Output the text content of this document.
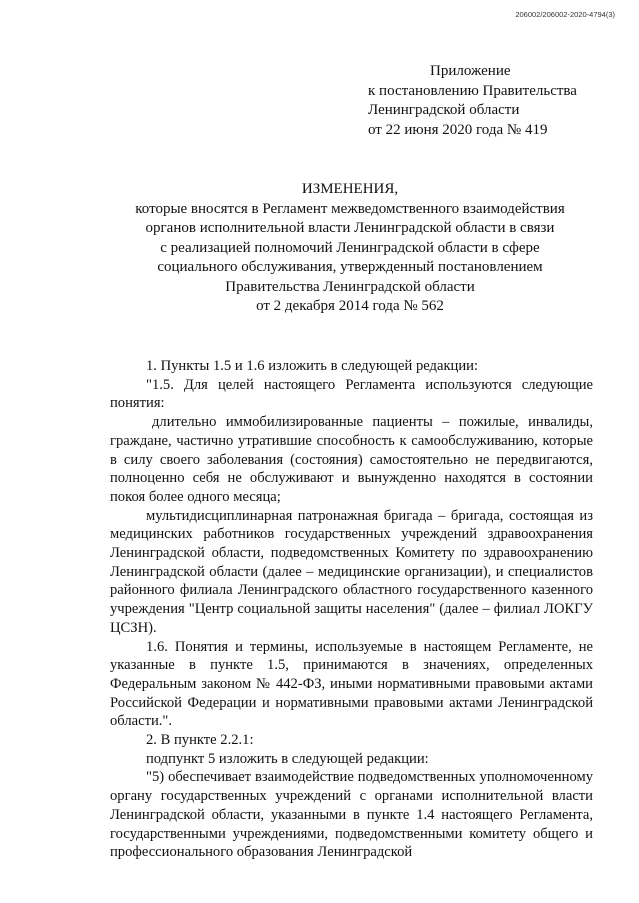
206002/206002-2020-4794(3)
Приложение
к постановлению Правительства
Ленинградской области
от 22 июня 2020 года № 419
ИЗМЕНЕНИЯ,
которые вносятся в Регламент межведомственного взаимодействия
органов исполнительной власти Ленинградской области в связи
с реализацией полномочий Ленинградской области в сфере
социального обслуживания, утвержденный постановлением
Правительства Ленинградской области
от 2 декабря 2014 года № 562

1. Пункты 1.5 и 1.6 изложить в следующей редакции:

"1.5. Для целей настоящего Регламента используются следующие понятия:

длительно иммобилизированные пациенты – пожилые, инвалиды, граждане, частично утратившие способность к самообслуживанию, которые в силу своего заболевания (состояния) самостоятельно не передвигаются, полноценно себя не обслуживают и вынужденно находятся в состоянии покоя более одного месяца;

мультидисциплинарная патронажная бригада – бригада, состоящая из медицинских работников государственных учреждений здравоохранения Ленинградской области, подведомственных Комитету по здравоохранению Ленинградской области (далее – медицинские организации), и специалистов районного филиала Ленинградского областного государственного казенного учреждения "Центр социальной защиты населения" (далее – филиал ЛОКГУ ЦСЗН).

1.6. Понятия и термины, используемые в настоящем Регламенте, не указанные в пункте 1.5, принимаются в значениях, определенных Федеральным законом № 442-ФЗ, иными нормативными правовыми актами Российской Федерации и нормативными правовыми актами Ленинградской области.".

2. В пункте 2.2.1:

подпункт 5 изложить в следующей редакции:

"5) обеспечивает взаимодействие подведомственных уполномоченному органу государственных учреждений с органами исполнительной власти Ленинградской области, указанными в пункте 1.4 настоящего Регламента, государственными учреждениями, подведомственными комитету общего и профессионального образования Ленинградской
